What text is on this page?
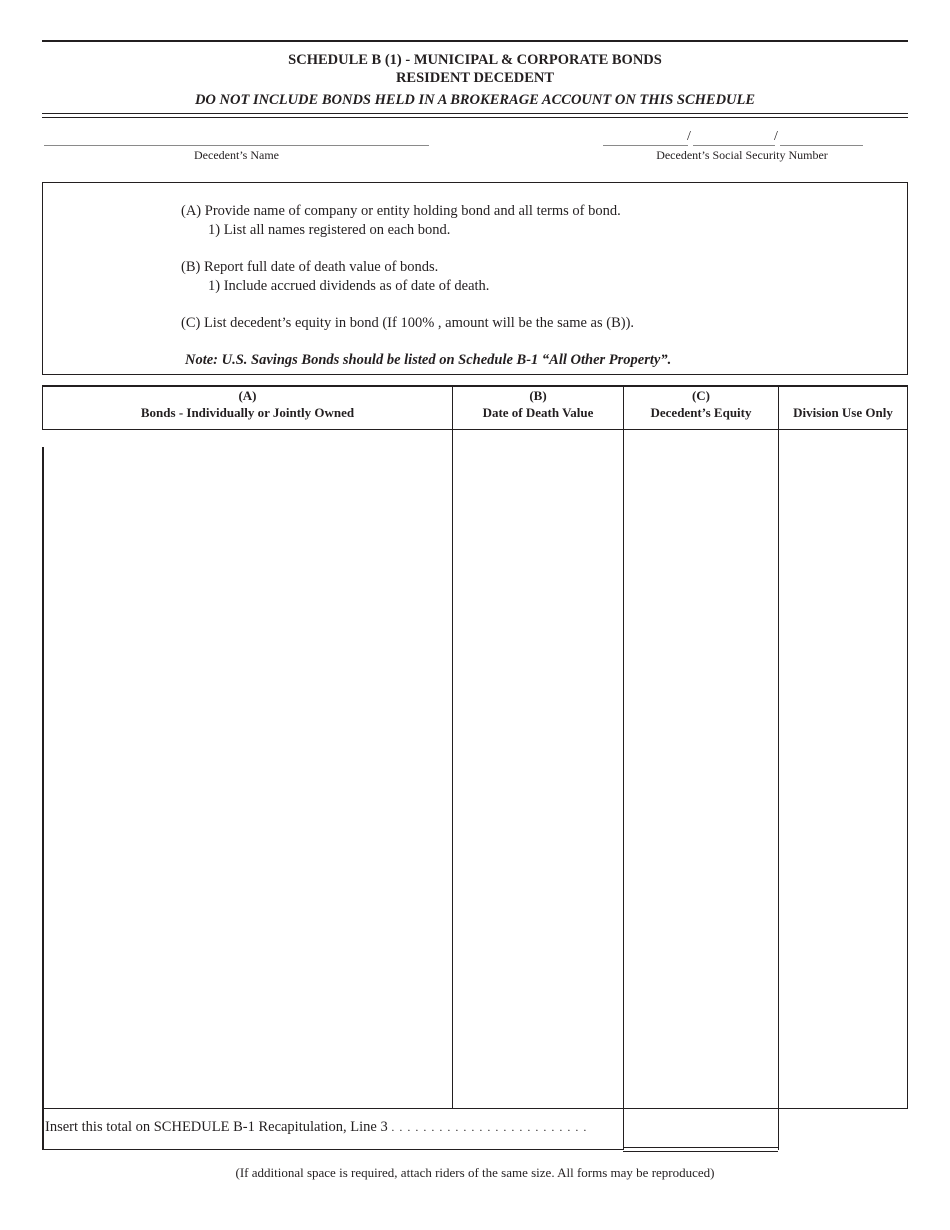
SCHEDULE B (1) - MUNICIPAL & CORPORATE BONDS
RESIDENT DECEDENT
DO NOT INCLUDE BONDS HELD IN A BROKERAGE ACCOUNT ON THIS SCHEDULE
Decedent’s Name
/	/
Decedent’s Social Security Number
(A) Provide name of company or entity holding bond and all terms of bond.
1) List all names registered on each bond.
(B) Report full date of death value of bonds.
1) Include accrued dividends as of date of death.
(C) List decedent’s equity in bond (If 100% , amount will be the same as (B)).
Note: U.S. Savings Bonds should be listed on Schedule B-1 “All Other Property”.
(A)
Bonds - Individually or Jointly Owned
(B)
Date of Death Value
(C)
Decedent’s Equity	Division Use Only
Insert this total on SCHEDULE B-1 Recapitulation, Line 3 . . . . . . . . . . . . . . . . . . . . . . . . .
(If additional space is required, attach riders of the same size. All forms may be reproduced)
